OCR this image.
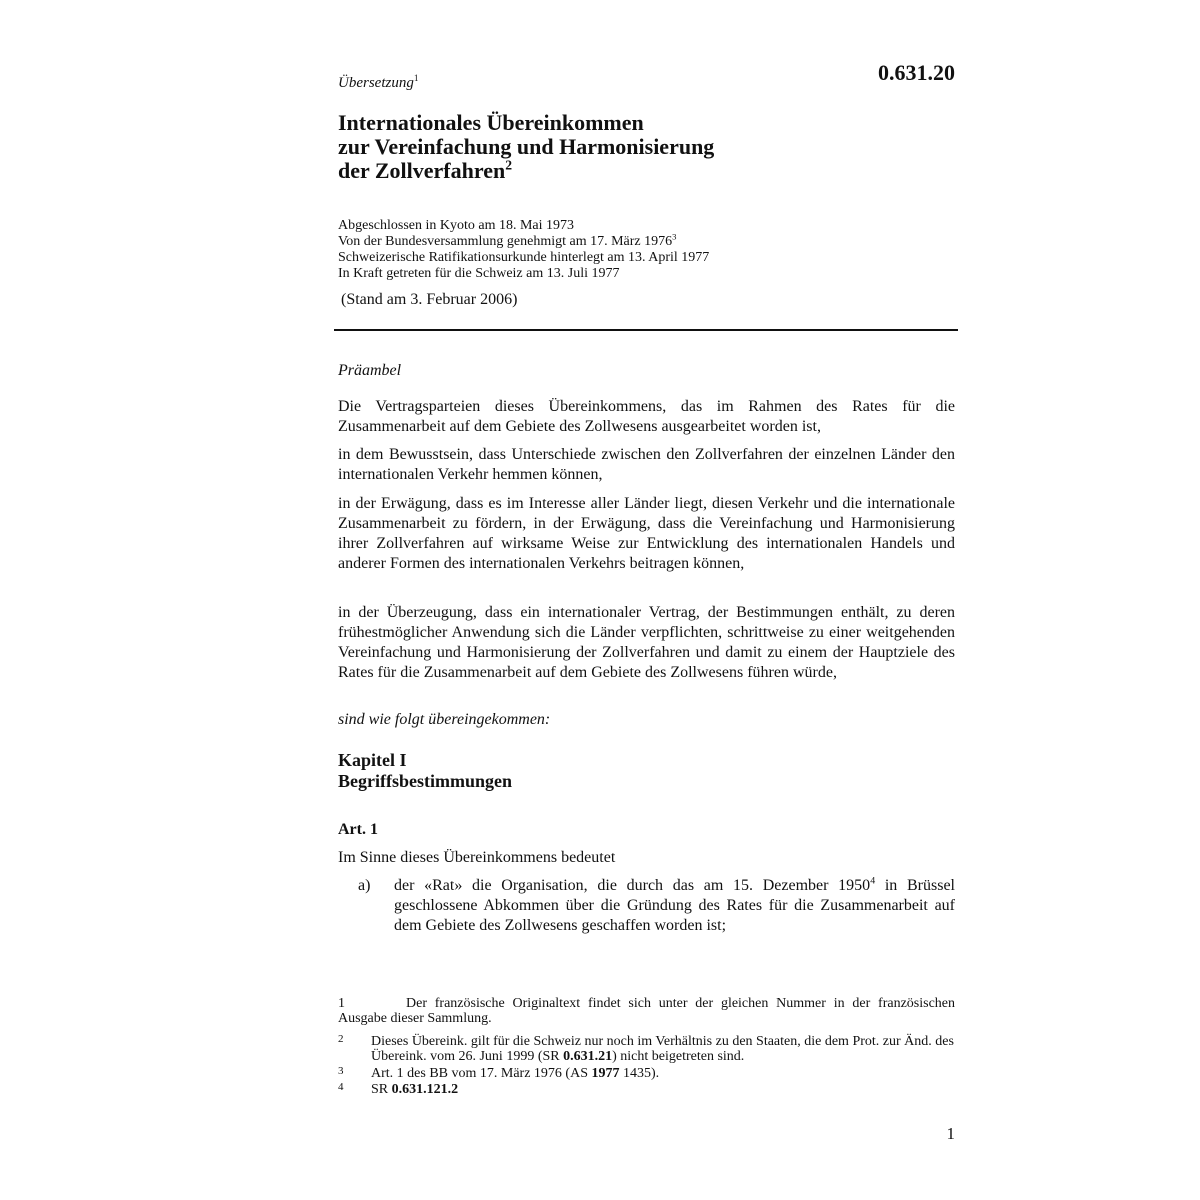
0.631.20
Übersetzung$^1$
Internationales Übereinkommen
zur Vereinfachung und Harmonisierung
der Zollverfahren$^2$
Abgeschlossen in Kyoto am 18. Mai 1973
Von der Bundesversammlung genehmigt am 17. März 1976$^3$
Schweizerische Ratifikationsurkunde hinterlegt am 13. April 1977
In Kraft getreten für die Schweiz am 13. Juli 1977
(Stand am 3. Februar 2006)
Präambel

Die Vertragsparteien dieses Übereinkommens, das im Rahmen des Rates für die Zusammenarbeit auf dem Gebiete des Zollwesens ausgearbeitet worden ist,

in dem Bewusstsein, dass Unterschiede zwischen den Zollverfahren der einzelnen Länder den internationalen Verkehr hemmen können,

in der Erwägung, dass es im Interesse aller Länder liegt, diesen Verkehr und die internationale Zusammenarbeit zu fördern, in der Erwägung, dass die Vereinfachung und Harmonisierung ihrer Zollverfahren auf wirksame Weise zur Entwicklung des internationalen Handels und anderer Formen des internationalen Verkehrs beitragen können,

in der Überzeugung, dass ein internationaler Vertrag, der Bestimmungen enthält, zu deren frühestmöglicher Anwendung sich die Länder verpflichten, schrittweise zu einer weitgehenden Vereinfachung und Harmonisierung der Zollverfahren und damit zu einem der Hauptziele des Rates für die Zusammenarbeit auf dem Gebiete des Zollwesens führen würde,

sind wie folgt übereingekommen:
Kapitel I
Begriffsbestimmungen
Art. 1
Im Sinne dieses Übereinkommens bedeutet
a) der «Rat» die Organisation, die durch das am 15. Dezember 1950$^4$ in Brüssel geschlossene Abkommen über die Gründung des Rates für die Zusammenarbeit auf dem Gebiete des Zollwesens geschaffen worden ist;
1	Der französische Originaltext findet sich unter der gleichen Nummer in der französischen Ausgabe dieser Sammlung.
2 Dieses Übereink. gilt für die Schweiz nur noch im Verhältnis zu den Staaten, die dem Prot. zur Änd. des Übereink. vom 26. Juni 1999 (SR 0.631.21) nicht beigetreten sind.
3 Art. 1 des BB vom 17. März 1976 (AS 1977 1435).
4 SR 0.631.121.2
1
